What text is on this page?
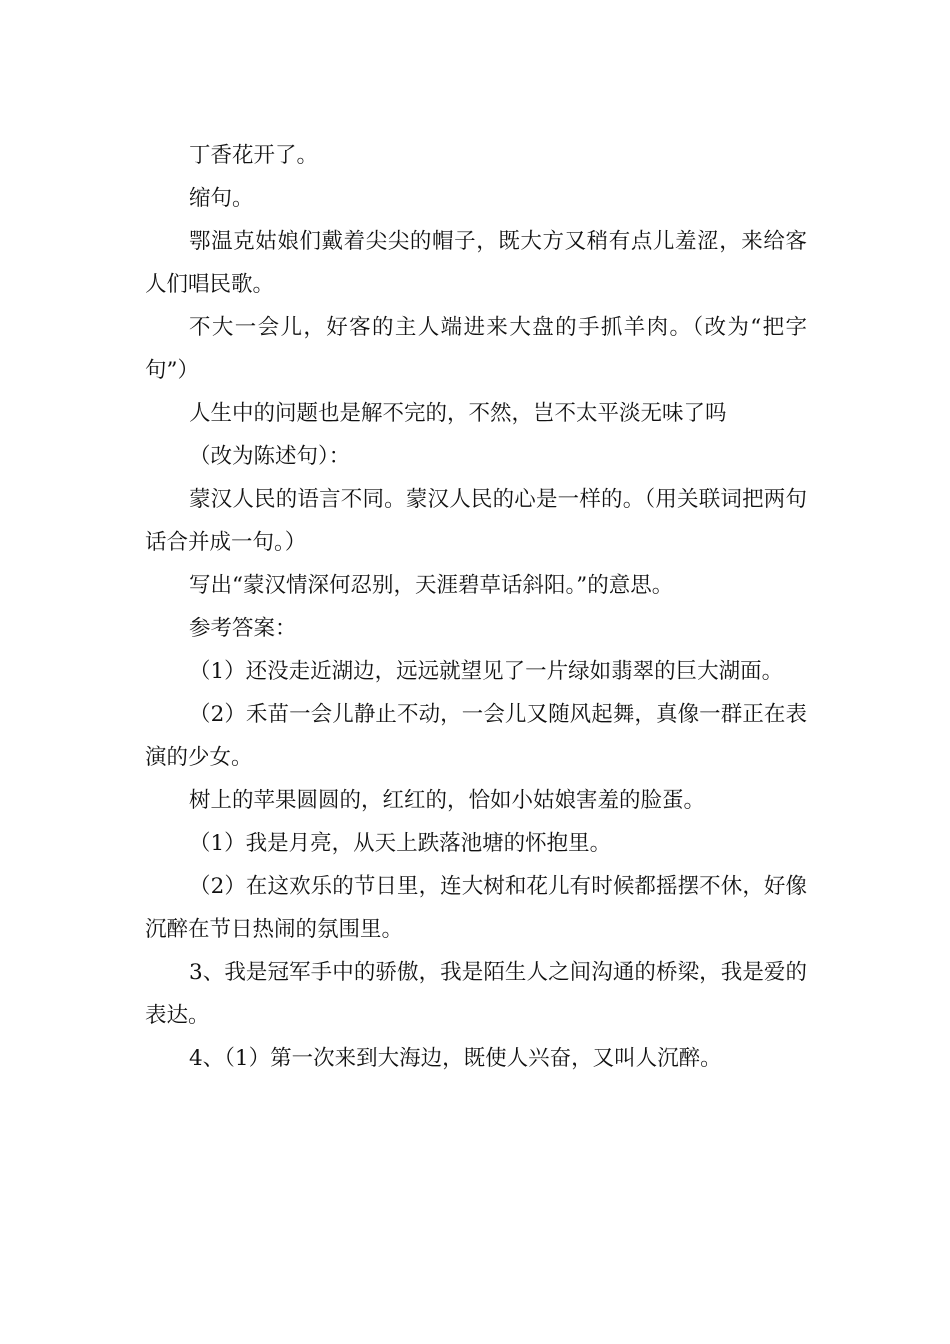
丁香花开了。

缩句。

鄂温克姑娘们戴着尖尖的帽子，既大方又稍有点儿羞涩，来给客人们唱民歌。

不大一会儿，好客的主人端进来大盘的手抓羊肉。（改为“把字句”）

人生中的问题也是解不完的，不然，岂不太平淡无味了吗

（改为陈述句）：

蒙汉人民的语言不同。蒙汉人民的心是一样的。（用关联词把两句话合并成一句。）

写出“蒙汉情深何忍别，天涯碧草话斜阳。”的意思。

参考答案：

（1）还没走近湖边，远远就望见了一片绿如翡翠的巨大湖面。

（2）禾苗一会儿静止不动，一会儿又随风起舞，真像一群正在表演的少女。

树上的苹果圆圆的，红红的，恰如小姑娘害羞的脸蛋。

（1）我是月亮，从天上跌落池塘的怀抱里。

（2）在这欢乐的节日里，连大树和花儿有时候都摇摆不休，好像沉醉在节日热闹的氛围里。

3、我是冠军手中的骄傲，我是陌生人之间沟通的桥梁，我是爱的表达。

4、（1）第一次来到大海边，既使人兴奋，又叫人沉醉。
